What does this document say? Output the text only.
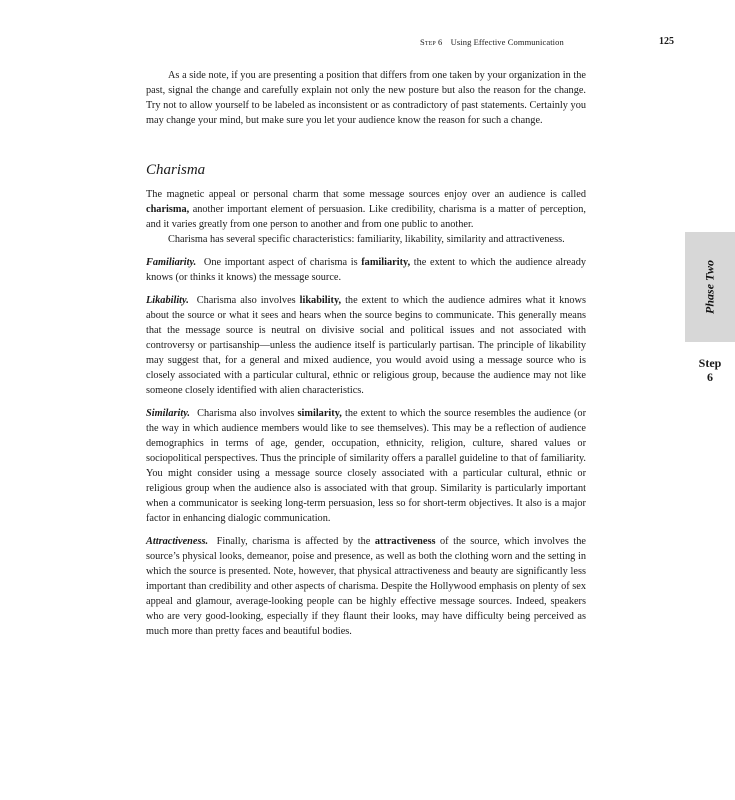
Step 6 Using Effective Communication	125

As a side note, if you are presenting a position that differs from one taken by your organization in the past, signal the change and carefully explain not only the new posture but also the reason for the change. Try not to allow yourself to be labeled as inconsistent or as contradictory of past statements. Certainly you may change your mind, but make sure you let your audience know the reason for such a change.

Charisma

The magnetic appeal or personal charm that some message sources enjoy over an audience is called charisma, another important element of persuasion. Like credibility, charisma is a matter of perception, and it varies greatly from one person to another and from one public to another.

Charisma has several specific characteristics: familiarity, likability, similarity and attractiveness.

Familiarity. One important aspect of charisma is familiarity, the extent to which the audience already knows (or thinks it knows) the message source.

Likability. Charisma also involves likability, the extent to which the audience admires what it knows about the source or what it sees and hears when the source begins to communicate. This generally means that the message source is neutral on divisive social and political issues and not associated with controversy or partisanship—unless the audience itself is particularly partisan. The principle of likability may suggest that, for a general and mixed audience, you would avoid using a message source who is closely associated with a particular cultural, ethnic or religious group, because the audience may not like someone closely identified with alien characteristics.

Similarity. Charisma also involves similarity, the extent to which the source resembles the audience (or the way in which audience members would like to see themselves). This may be a reflection of audience demographics in terms of age, gender, occupation, ethnicity, religion, culture, shared values or sociopolitical perspectives. Thus the principle of similarity offers a parallel guideline to that of familiarity. You might consider using a message source closely associated with a particular cultural, ethnic or religious group when the audience also is associated with that group. Similarity is particularly important when a communicator is seeking long-term persuasion, less so for short-term objectives. It also is a major factor in enhancing dialogic communication.

Attractiveness. Finally, charisma is affected by the attractiveness of the source, which involves the source’s physical looks, demeanor, poise and presence, as well as both the clothing worn and the setting in which the source is presented. Note, however, that physical attractiveness and beauty are significantly less important than credibility and other aspects of charisma. Despite the Hollywood emphasis on plenty of sex appeal and glamour, average-looking people can be highly effective message sources. Indeed, speakers who are very good-looking, especially if they flaunt their looks, may have difficulty being perceived as much more than pretty faces and beautiful bodies.

Phase Two
Step
6
